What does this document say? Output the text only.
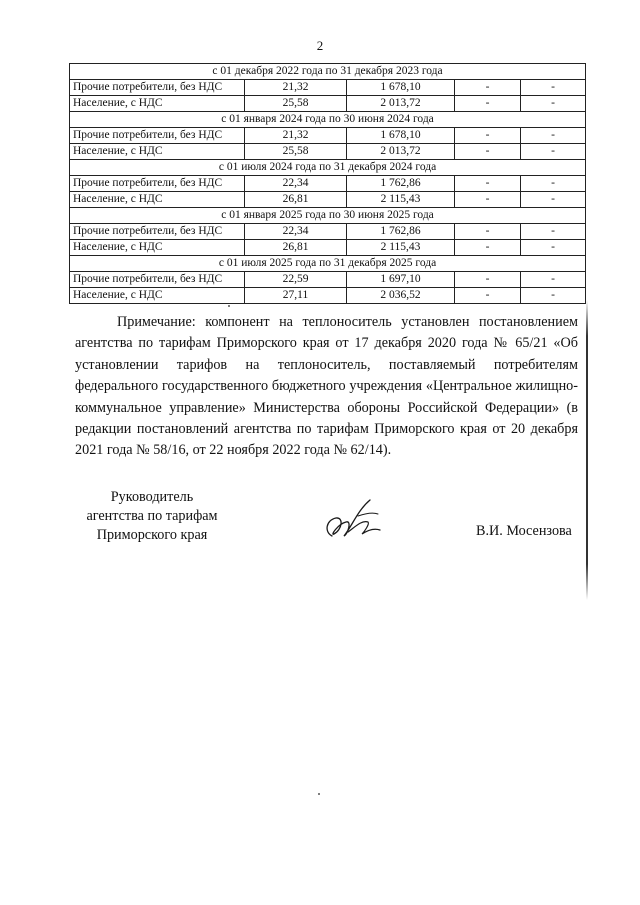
2
с 01 декабря 2022 года по 31 декабря 2023 года				
Прочие потребители, без НДС	21,32	1 678,10	-	-
Население, с НДС	25,58	2 013,72	-	-
с 01 января 2024 года по 30 июня 2024 года				
Прочие потребители, без НДС	21,32	1 678,10	-	-
Население, с НДС	25,58	2 013,72	-	-
с 01 июля 2024 года по 31 декабря 2024 года				
Прочие потребители, без НДС	22,34	1 762,86	-	-
Население, с НДС	26,81	2 115,43	-	-
с 01 января 2025 года по 30 июня 2025 года				
Прочие потребители, без НДС	22,34	1 762,86	-	-
Население, с НДС	26,81	2 115,43	-	-
с 01 июля 2025 года по 31 декабря 2025 года				
Прочие потребители, без НДС	22,59	1 697,10	-	-
Население, с НДС	27,11	2 036,52	-	-

Примечание: компонент на теплоноситель установлен постановлением агентства по тарифам Приморского края от 17 декабря 2020 года № 65/21 «Об установлении тарифов на теплоноситель, поставляемый потребителям федерального государственного бюджетного учреждения «Центральное жилищно-коммунальное управление» Министерства обороны Российской Федерации» (в редакции постановлений агентства по тарифам Приморского края от 20 декабря 2021 года № 58/16, от 22 ноября 2022 года № 62/14).

Руководитель
агентства по тарифам
Приморского края	В.И. Мосензова
